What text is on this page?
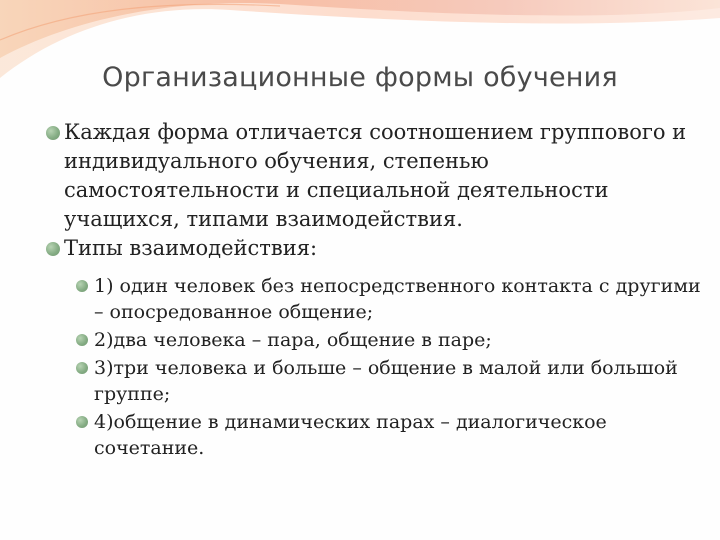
Организационные формы обучения
Каждая форма отличается соотношением группового и индивидуального обучения, степенью самостоятельности и специальной деятельности учащихся, типами взаимодействия.
Типы взаимодействия:
1) один человек без непосредственного контакта с другими – опосредованное общение;
2)два человека – пара, общение в паре;
3)три человека и больше – общение в малой или большой группе;
4)общение в динамических парах – диалогическое сочетание.
